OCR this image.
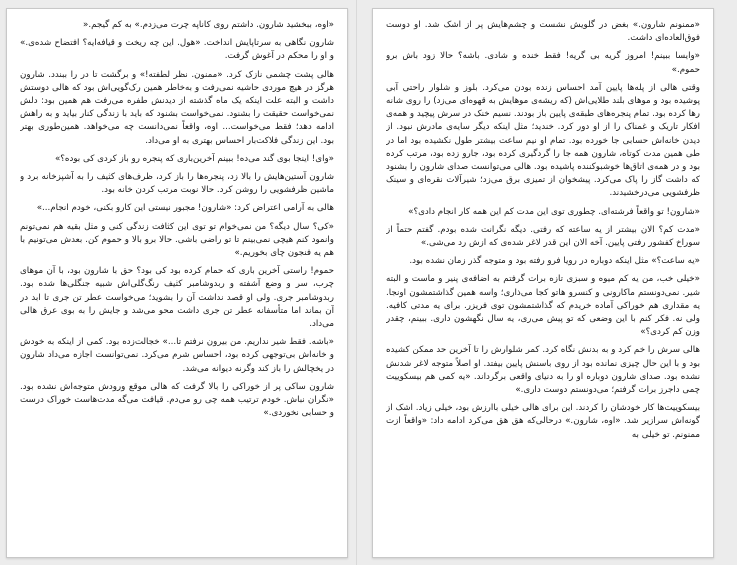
«اوه، ببخشید شارون. داشتم روی کاناپه چرت می‌زدم.» به کم گیجم.«

شارون نگاهی به سرتاپایش انداخت. «هول. این چه ریخت و قیافه‌ایه؟ افتضاح شده‌ی.» و او را محکم در آغوش گرفت.

هالی پشت چشمی نازک کرد. «ممنون. نظر لطفته!» و برگشت تا در را ببندد. شارون هرگز در هیچ موردی حاشیه نمی‌رفت و به‌خاطر همین رک‌گویی‌اش بود که هالی دوستش داشت و البته علت اینکه یک ماه گذشته از دیدنش طفره می‌رفت هم همین بود: دلش نمی‌خواست حقیقت را بشنود. نمی‌خواست بشنود که باید با زندگی کنار بیاید و به راهش ادامه دهد؛ فقط می‌خواست... اوه، واقعاً نمی‌دانست چه می‌خواهد. همین‌طوری بهتر بود. این زندگی فلاکت‌بار احساس بهتری به او می‌داد.

«وای! اینجا بوی گند می‌ده! ببینم آخرین‌باری که پنجره رو باز کردی کی بوده؟»

شارون آستین‌هایش را بالا زد، پنجره‌ها را باز کرد، ظرف‌های کثیف را به آشپزخانه برد و ماشین ظرفشویی را روشن کرد. حالا نوبت مرتب کردن خانه بود.

هالی به آرامی اعتراض کرد: «شارون! مجبور نیستی این کارو بکنی، خودم انجام...»

«کی؟ سال دیگه؟ من نمی‌خوام تو توی این کثافت زندگی کنی و مثل بقیه هم نمی‌تونم وانمود کنم هیچی نمی‌بینم تا تو راضی باشی. حالا برو بالا و حموم کن. بعدش می‌تونیم با هم یه فنجون چای بخوریم.»

حموم! راستی آخرین باری که حمام کرده بود کی بود؟ حق با شارون بود، با آن موهای چرب، سر و وضع آشفته و ربدوشامبر کثیف رنگ‌گلی‌اش شبیه جنگلی‌ها شده بود. ربدوشامبر جری. ولی او قصد نداشت آن را بشوید؛ می‌خواست عطر تن جری تا ابد در آن بماند اما متأسفانه عطر تن جری داشت محو می‌شد و جایش را به بوی عرق هالی می‌داد.

«باشه. فقط شیر نداریم. من بیرون نرفتم تا...» خجالت‌زده بود. کمی از اینکه به خودش و خانه‌اش بی‌توجهی کرده بود، احساس شرم می‌کرد. نمی‌توانست اجازه می‌داد شارون در یخچالش را باز کند وگرنه دیوانه می‌شد.

شارون ساکی پر از خوراکی را بالا گرفت که هالی موقع ورودش متوجه‌اش نشده بود. «نگران نباش. خودم ترتیب همه چی رو می‌دم. قیافت می‌گه مدت‌هاست خوراک درست و حسابی نخوردی.»

«ممنونم شارون.» بغض در گلویش نشست و چشم‌هایش پر از اشک شد. او دوست فوق‌العاده‌ای داشت.

«وایسا ببینم! امروز گریه بی گریه! فقط خنده و شادی. باشه؟ حالا زود باش برو حموم.»

وقتی هالی از پله‌ها پایین آمد احساس زنده بودن می‌کرد. بلوز و شلوار راحتی آبی پوشیده بود و موهای بلند طلایی‌اش (که ریشه‌ی موهایش به قهوه‌ای می‌زد) را روی شانه رها کرده بود. تمام پنجره‌های طبقه‌ی پایین باز بودند. نسیم خنک در سرش پیچید و همه‌ی افکار تاریک و غمناک را از او دور کرد. خندید؛ مثل اینکه دیگر سایه‌ی مادرش نبود. از دیدن خانه‌اش حسابی جا خورده بود. تمام او نیم ساعت بیشتر طول نکشیده بود اما در طی همین مدت کوتاه، شارون همه جا را گردگیری کرده بود، جارو زده بود، مرتب کرده بود و در همه‌ی اتاق‌ها خوشبوکننده پاشیده بود. هالی می‌توانست صدای شارون را بشنود که داشت گاز را پاک می‌کرد. پیشخوان از تمیزی برق می‌زد؛ شیرآلات نقره‌ای و سینک ظرفشویی می‌درخشیدند.

«شارون! تو واقعاً فرشته‌ای. چطوری توی این مدت کم این همه کار انجام دادی؟»

«مدت کم؟ الان بیشتر از یه ساعته که رفتی. دیگه نگرانت شده بودم. گفتم حتماً از سوراخ کفشور رفتی پایین. آخه الان این قدر لاغر شده‌ی که ازش رد می‌شی.»

«یه ساعت؟» مثل اینکه دوباره در رویا فرو رفته بود و متوجه گذر زمان نشده بود.

«خیلی خب، من یه کم میوه و سبزی تازه برات گرفتم به اضافه‌ی پنیر و ماست و البته شیر. نمی‌دونستم ماکارونی و کنسرو هاتو کجا می‌ذاری؛ واسه همین گذاشتمشون اونجا. یه مقداری هم خوراکی آماده خریدم که گذاشتمشون توی فریزر. برای یه مدتی کافیه. ولی نه. فکر کنم با این وضعی که تو پیش می‌ری، یه سال نگهشون داری. ببینم، چقدر وزن کم کردی؟»

هالی سرش را خم کرد و به بدنش نگاه کرد. کمر شلوارش را تا آخرین حد ممکن کشیده بود و با این حال چیزی نمانده بود از روی باسنش پایین بیفتد. او اصلاً متوجه لاغر شدنش نشده بود. صدای شارون دوباره او را به دنیای واقعی برگرداند. «یه کمی هم بیسکوییت چمی داجرز برات گرفتم؛ می‌دونستم دوست داری.»

بیسکوییت‌ها کار خودشان را کردند. این برای هالی خیلی باارزش بود، خیلی زیاد. اشک از گونه‌اش سرازیر شد. «اوه، شارون.» درحالی‌که هق هق می‌کرد ادامه داد: «واقعاً ازت ممنونم. تو خیلی به
